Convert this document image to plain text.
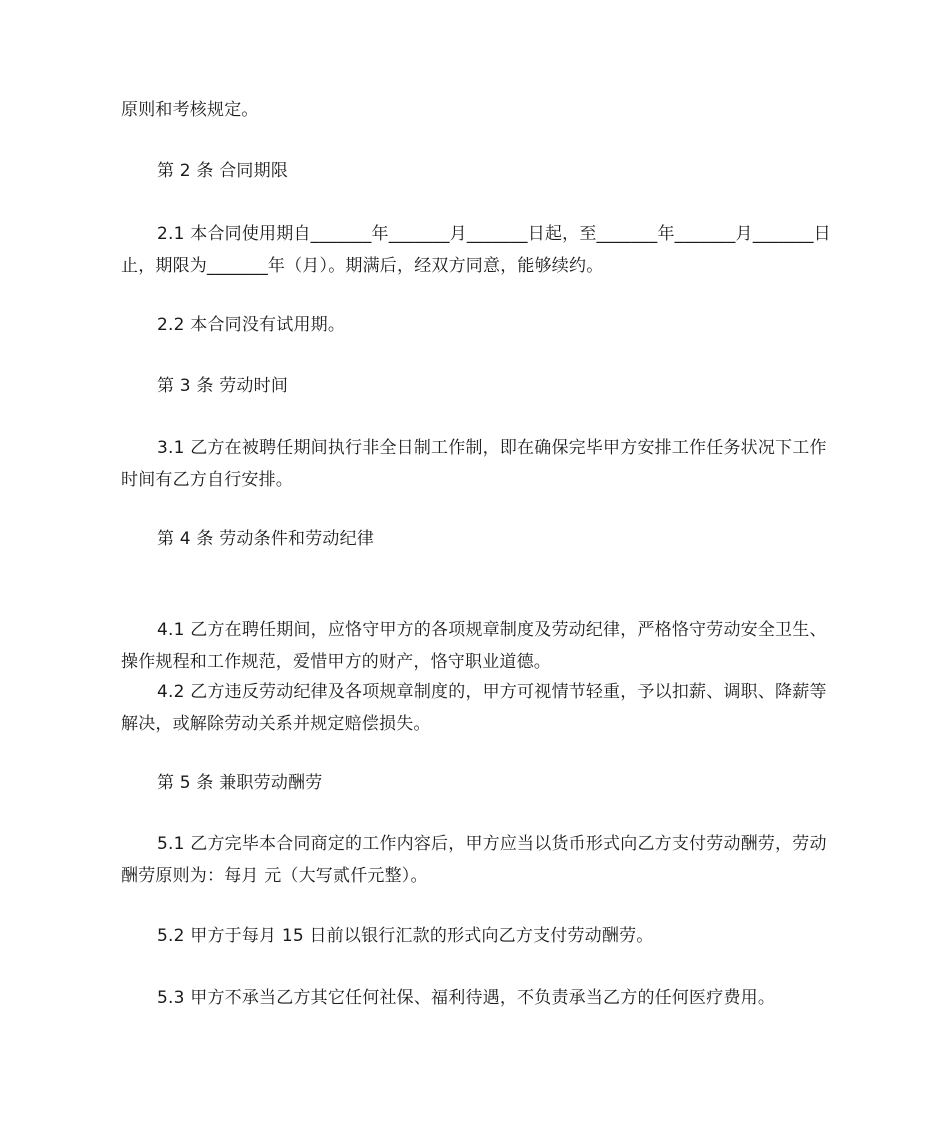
原则和考核规定。

第 2 条 合同期限

2.1 本合同使用期自_______年_______月_______日起，至_______年_______月_______日止，期限为_______年（月）。期满后，经双方同意，能够续约。

2.2 本合同没有试用期。

第 3 条 劳动时间

3.1 乙方在被聘任期间执行非全日制工作制，即在确保完毕甲方安排工作任务状况下工作时间有乙方自行安排。

第 4 条 劳动条件和劳动纪律

4.1 乙方在聘任期间，应恪守甲方的各项规章制度及劳动纪律，严格恪守劳动安全卫生、操作规程和工作规范，爱惜甲方的财产，恪守职业道德。

4.2 乙方违反劳动纪律及各项规章制度的，甲方可视情节轻重，予以扣薪、调职、降薪等解决，或解除劳动关系并规定赔偿损失。

第 5 条 兼职劳动酬劳

5.1 乙方完毕本合同商定的工作内容后，甲方应当以货币形式向乙方支付劳动酬劳，劳动酬劳原则为：每月 元（大写贰仟元整）。

5.2 甲方于每月 15 日前以银行汇款的形式向乙方支付劳动酬劳。

5.3 甲方不承当乙方其它任何社保、福利待遇，不负责承当乙方的任何医疗费用。
